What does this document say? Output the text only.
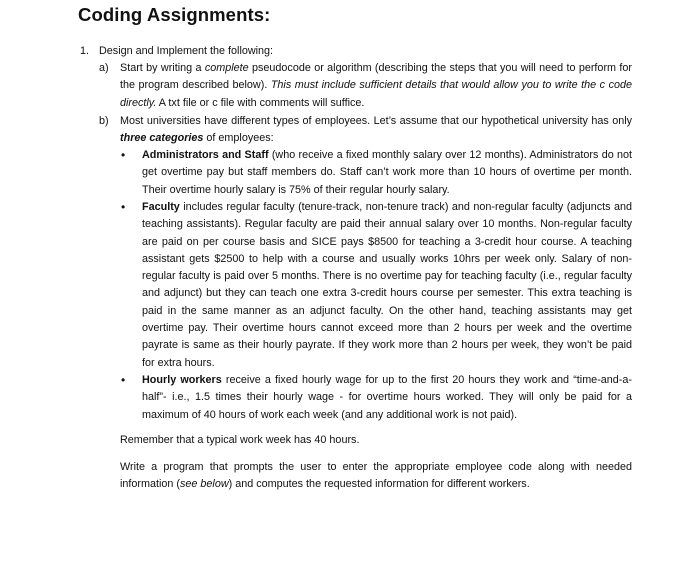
Coding Assignments:
1. Design and Implement the following:

a) Start by writing a complete pseudocode or algorithm (describing the steps that you will need to perform for the program described below). This must include sufficient details that would allow you to write the c code directly. A txt file or c file with comments will suffice.

b) Most universities have different types of employees. Let’s assume that our hypothetical university has only three categories of employees:

• Administrators and Staff (who receive a fixed monthly salary over 12 months). Administrators do not get overtime pay but staff members do. Staff can’t work more than 10 hours of overtime per month. Their overtime hourly salary is 75% of their regular hourly salary.

• Faculty includes regular faculty (tenure-track, non-tenure track) and non-regular faculty (adjuncts and teaching assistants). Regular faculty are paid their annual salary over 10 months. Non-regular faculty are paid on per course basis and SICE pays $8500 for teaching a 3-credit hour course. A teaching assistant gets $2500 to help with a course and usually works 10hrs per week only. Salary of non-regular faculty is paid over 5 months. There is no overtime pay for teaching faculty (i.e., regular faculty and adjunct) but they can teach one extra 3-credit hours course per semester. This extra teaching is paid in the same manner as an adjunct faculty. On the other hand, teaching assistants may get overtime pay. Their overtime hours cannot exceed more than 2 hours per week and the overtime payrate is same as their hourly payrate. If they work more than 2 hours per week, they won’t be paid for extra hours.

• Hourly workers receive a fixed hourly wage for up to the first 20 hours they work and “time-and-a-half”- i.e., 1.5 times their hourly wage - for overtime hours worked. They will only be paid for a maximum of 40 hours of work each week (and any additional work is not paid).

Remember that a typical work week has 40 hours.

Write a program that prompts the user to enter the appropriate employee code along with needed information (see below) and computes the requested information for different workers.
